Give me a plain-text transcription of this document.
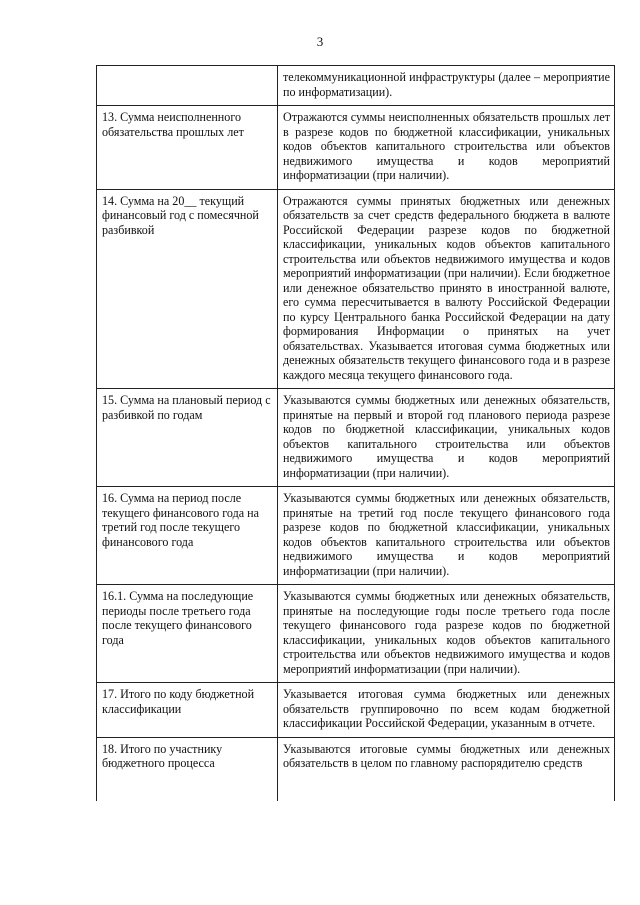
3
	телекоммуникационной инфраструктуры (далее – мероприятие по информатизации).
13. Сумма неисполненного обязательства прошлых лет	Отражаются суммы неисполненных обязательств прошлых лет в разрезе кодов по бюджетной классификации, уникальных кодов объектов капитального строительства или объектов недвижимого имущества и кодов мероприятий информатизации (при наличии).
14. Сумма на 20__ текущий финансовый год с помесячной разбивкой	Отражаются суммы принятых бюджетных или денежных обязательств за счет средств федерального бюджета в валюте Российской Федерации разрезе кодов по бюджетной классификации, уникальных кодов объектов капитального строительства или объектов недвижимого имущества и кодов мероприятий информатизации (при наличии). Если бюджетное или денежное обязательство принято в иностранной валюте, его сумма пересчитывается в валюту Российской Федерации по курсу Центрального банка Российской Федерации на дату формирования Информации о принятых на учет обязательствах. Указывается итоговая сумма бюджетных или денежных обязательств текущего финансового года и в разрезе каждого месяца текущего финансового года.
15. Сумма на плановый период с разбивкой по годам	Указываются суммы бюджетных или денежных обязательств, принятые на первый и второй год планового периода разрезе кодов по бюджетной классификации, уникальных кодов объектов капитального строительства или объектов недвижимого имущества и кодов мероприятий информатизации (при наличии).
16. Сумма на период после текущего финансового года на третий год после текущего финансового года	Указываются суммы бюджетных или денежных обязательств, принятые на третий год после текущего финансового года разрезе кодов по бюджетной классификации, уникальных кодов объектов капитального строительства или объектов недвижимого имущества и кодов мероприятий информатизации (при наличии).
16.1. Сумма на последующие периоды после третьего года после текущего финансового года	Указываются суммы бюджетных или денежных обязательств, принятые на последующие годы после третьего года после текущего финансового года разрезе кодов по бюджетной классификации, уникальных кодов объектов капитального строительства или объектов недвижимого имущества и кодов мероприятий информатизации (при наличии).
17. Итого по коду бюджетной классификации	Указывается итоговая сумма бюджетных или денежных обязательств группировочно по всем кодам бюджетной классификации Российской Федерации, указанным в отчете.
18. Итого по участнику бюджетного процесса	Указываются итоговые суммы бюджетных или денежных обязательств в целом по главному распорядителю средств
